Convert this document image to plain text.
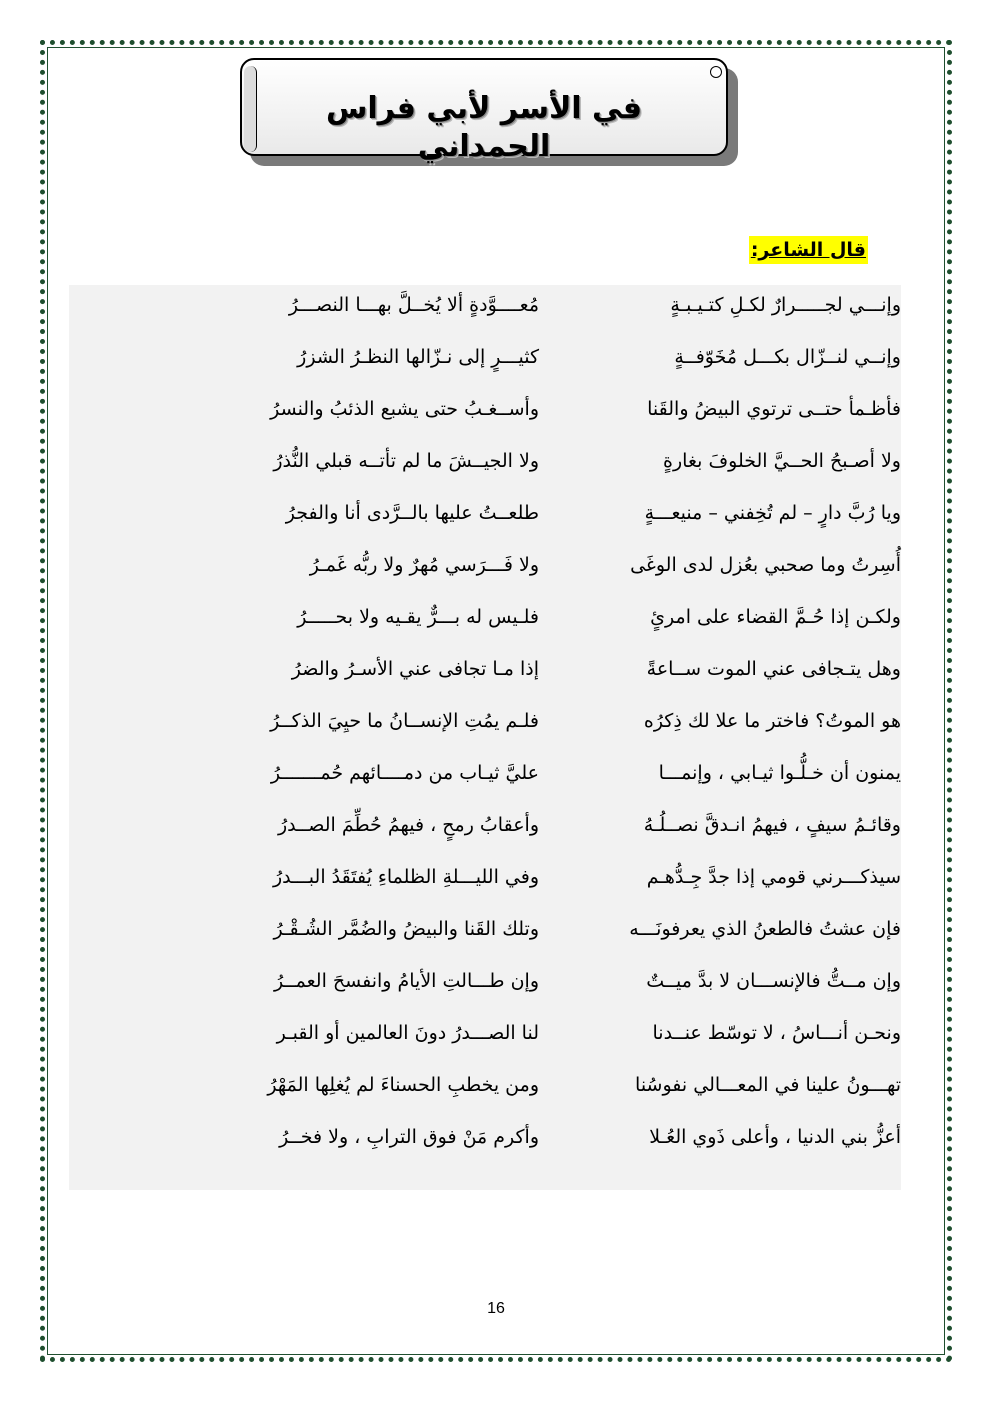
في الأسر لأبي فراس الحمداني
قال الشاعر:
وإنـــي لجـــــرارٌ لكـلِ كتـيـبـةٍ
مُعــــوَّدةٍ ألا يُخــلَّ بهـــا النصـــرُ
وإنــي لنــزّال بكـــل مُخَوّفــةٍ
كثيـــرٍ إلى نـزّالها النظـرُ الشزرُ
فأظـمأ حتــى ترتوي البيضُ والقَنا
وأســغـبُ حتى يشبع الذئبُ والنسرُ
ولا أصـبحُ الحــيَّ الخلوفَ بغارةٍ
ولا الجيــشَ ما لم تأتــه قبلي النُّذرُ
ويا رُبَّ دارٍ – لم تُخِفني – منيعـــةٍ
طلعــتُ عليها بالــرَّدى أنا والفجرُ
أُسِرتُ وما صحبي بعُزل لدى الوغَى
ولا فَـــرَسي مُهرٌ ولا ربُّه غَمـرُ
ولكـن إذا حُـمَّ القضاء على امرئٍ
فلـيس له بـــرٌّ يقـيه ولا بحـــــرُ
وهل يتـجافى عني الموت ســاعةً
إذا مـا تجافى عني الأسـرُ والضرُ
هو الموتُ؟ فاختر ما علا لك ذِكرُه
فلـم يمُتِ الإنســانُ ما حيِيَ الذكــرُ
يمنون أن خـلُّـوا ثيـابي ، وإنمـــا
عليَّ ثيـاب من دمــــائهم حُمـــــــرُ
وقائـمُ سيفٍ ، فيهمُ انـدقَّ نصــلُـهُ
وأعقابُ رمحٍ ، فيهمُ حُطِّمَ الصــدرُ
سيذكـــرني قومي إذا جدَّ جِـدُّهـم
وفي الليـــلةِ الظلماءِ يُفتَقَدُ البـــدرُ
فإن عشتُ فالطعنُ الذي يعرفونَـــه
وتلك القَنا والبيضُ والضُمَّر الشُـقْـرُ
وإن مــتُّ فالإنســـان لا بدَّ ميــتٌ
وإن طـــالتِ الأيامُ وانفسحَ العمــرُ
ونحـن أنـــاسُ ، لا توسّط عنــدنا
لنا الصـــدرُ دونَ العالمين أو القبـر
تهـــونُ علينا في المعـــالي نفوسُنا
ومن يخطبِ الحسناءَ لم يُغلِها المَهْرُ
أعزُّ بني الدنيا ، وأعلى ذَوي العُـلا
وأكرم مَنْ فوق الترابِ ، ولا فخــرُ
16
